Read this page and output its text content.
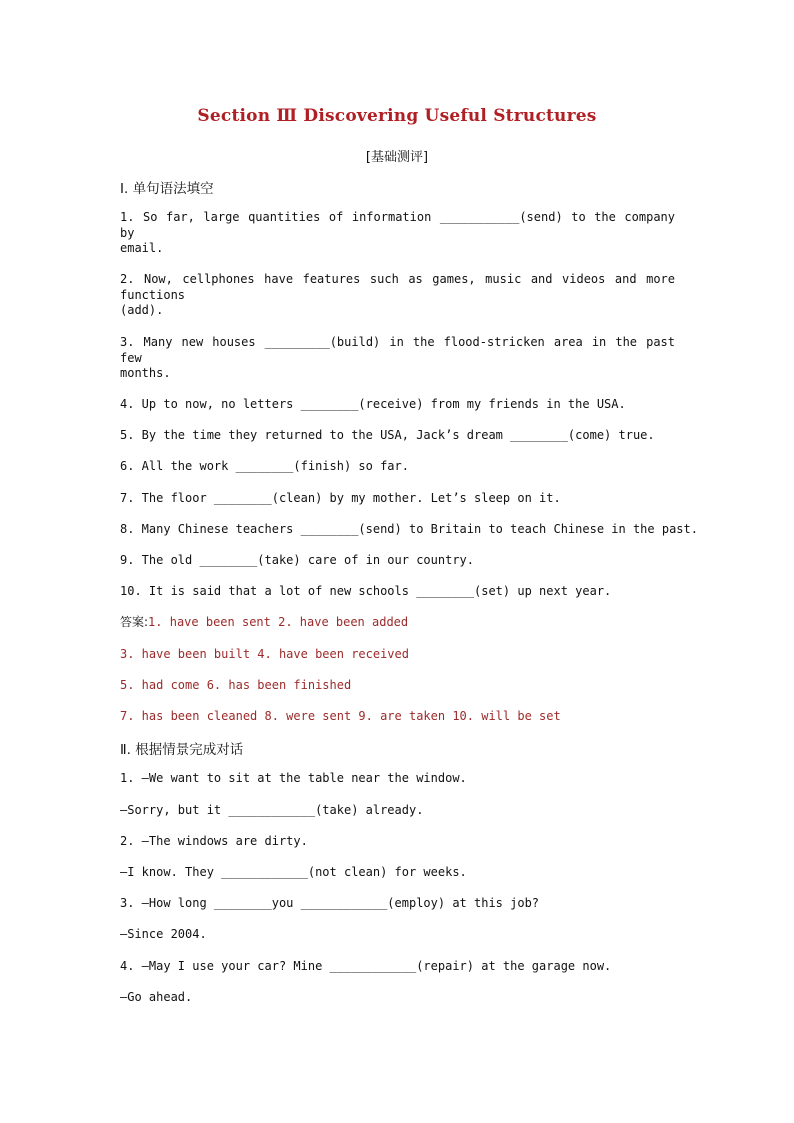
Section Ⅲ Discovering Useful Structures
[基础测评]
Ⅰ. 单句语法填空
1. So far, large quantities of information ___________(send) to the company by
email.
2. Now, cellphones have features such as games, music and videos and more functions
(add).
3. Many new houses _________(build) in the flood-stricken area in the past few
months.
4. Up to now, no letters ________(receive) from my friends in the USA.
5. By the time they returned to the USA, Jack’s dream ________(come) true.
6. All the work ________(finish) so far.
7. The floor ________(clean) by my mother. Let’s sleep on it.
8. Many Chinese teachers ________(send) to Britain to teach Chinese in the past.
9. The old ________(take) care of in our country.
10. It is said that a lot of new schools ________(set) up next year.
答案:1. have been sent 2. have been added
3. have been built 4. have been received
5. had come 6. has been finished
7. has been cleaned 8. were sent 9. are taken 10. will be set
Ⅱ. 根据情景完成对话
1. —We want to sit at the table near the window.
—Sorry, but it ____________(take) already.
2. —The windows are dirty.
—I know. They ____________(not clean) for weeks.
3. —How long ________you ____________(employ) at this job?
—Since 2004.
4. —May I use your car? Mine ____________(repair) at the garage now.
—Go ahead.
